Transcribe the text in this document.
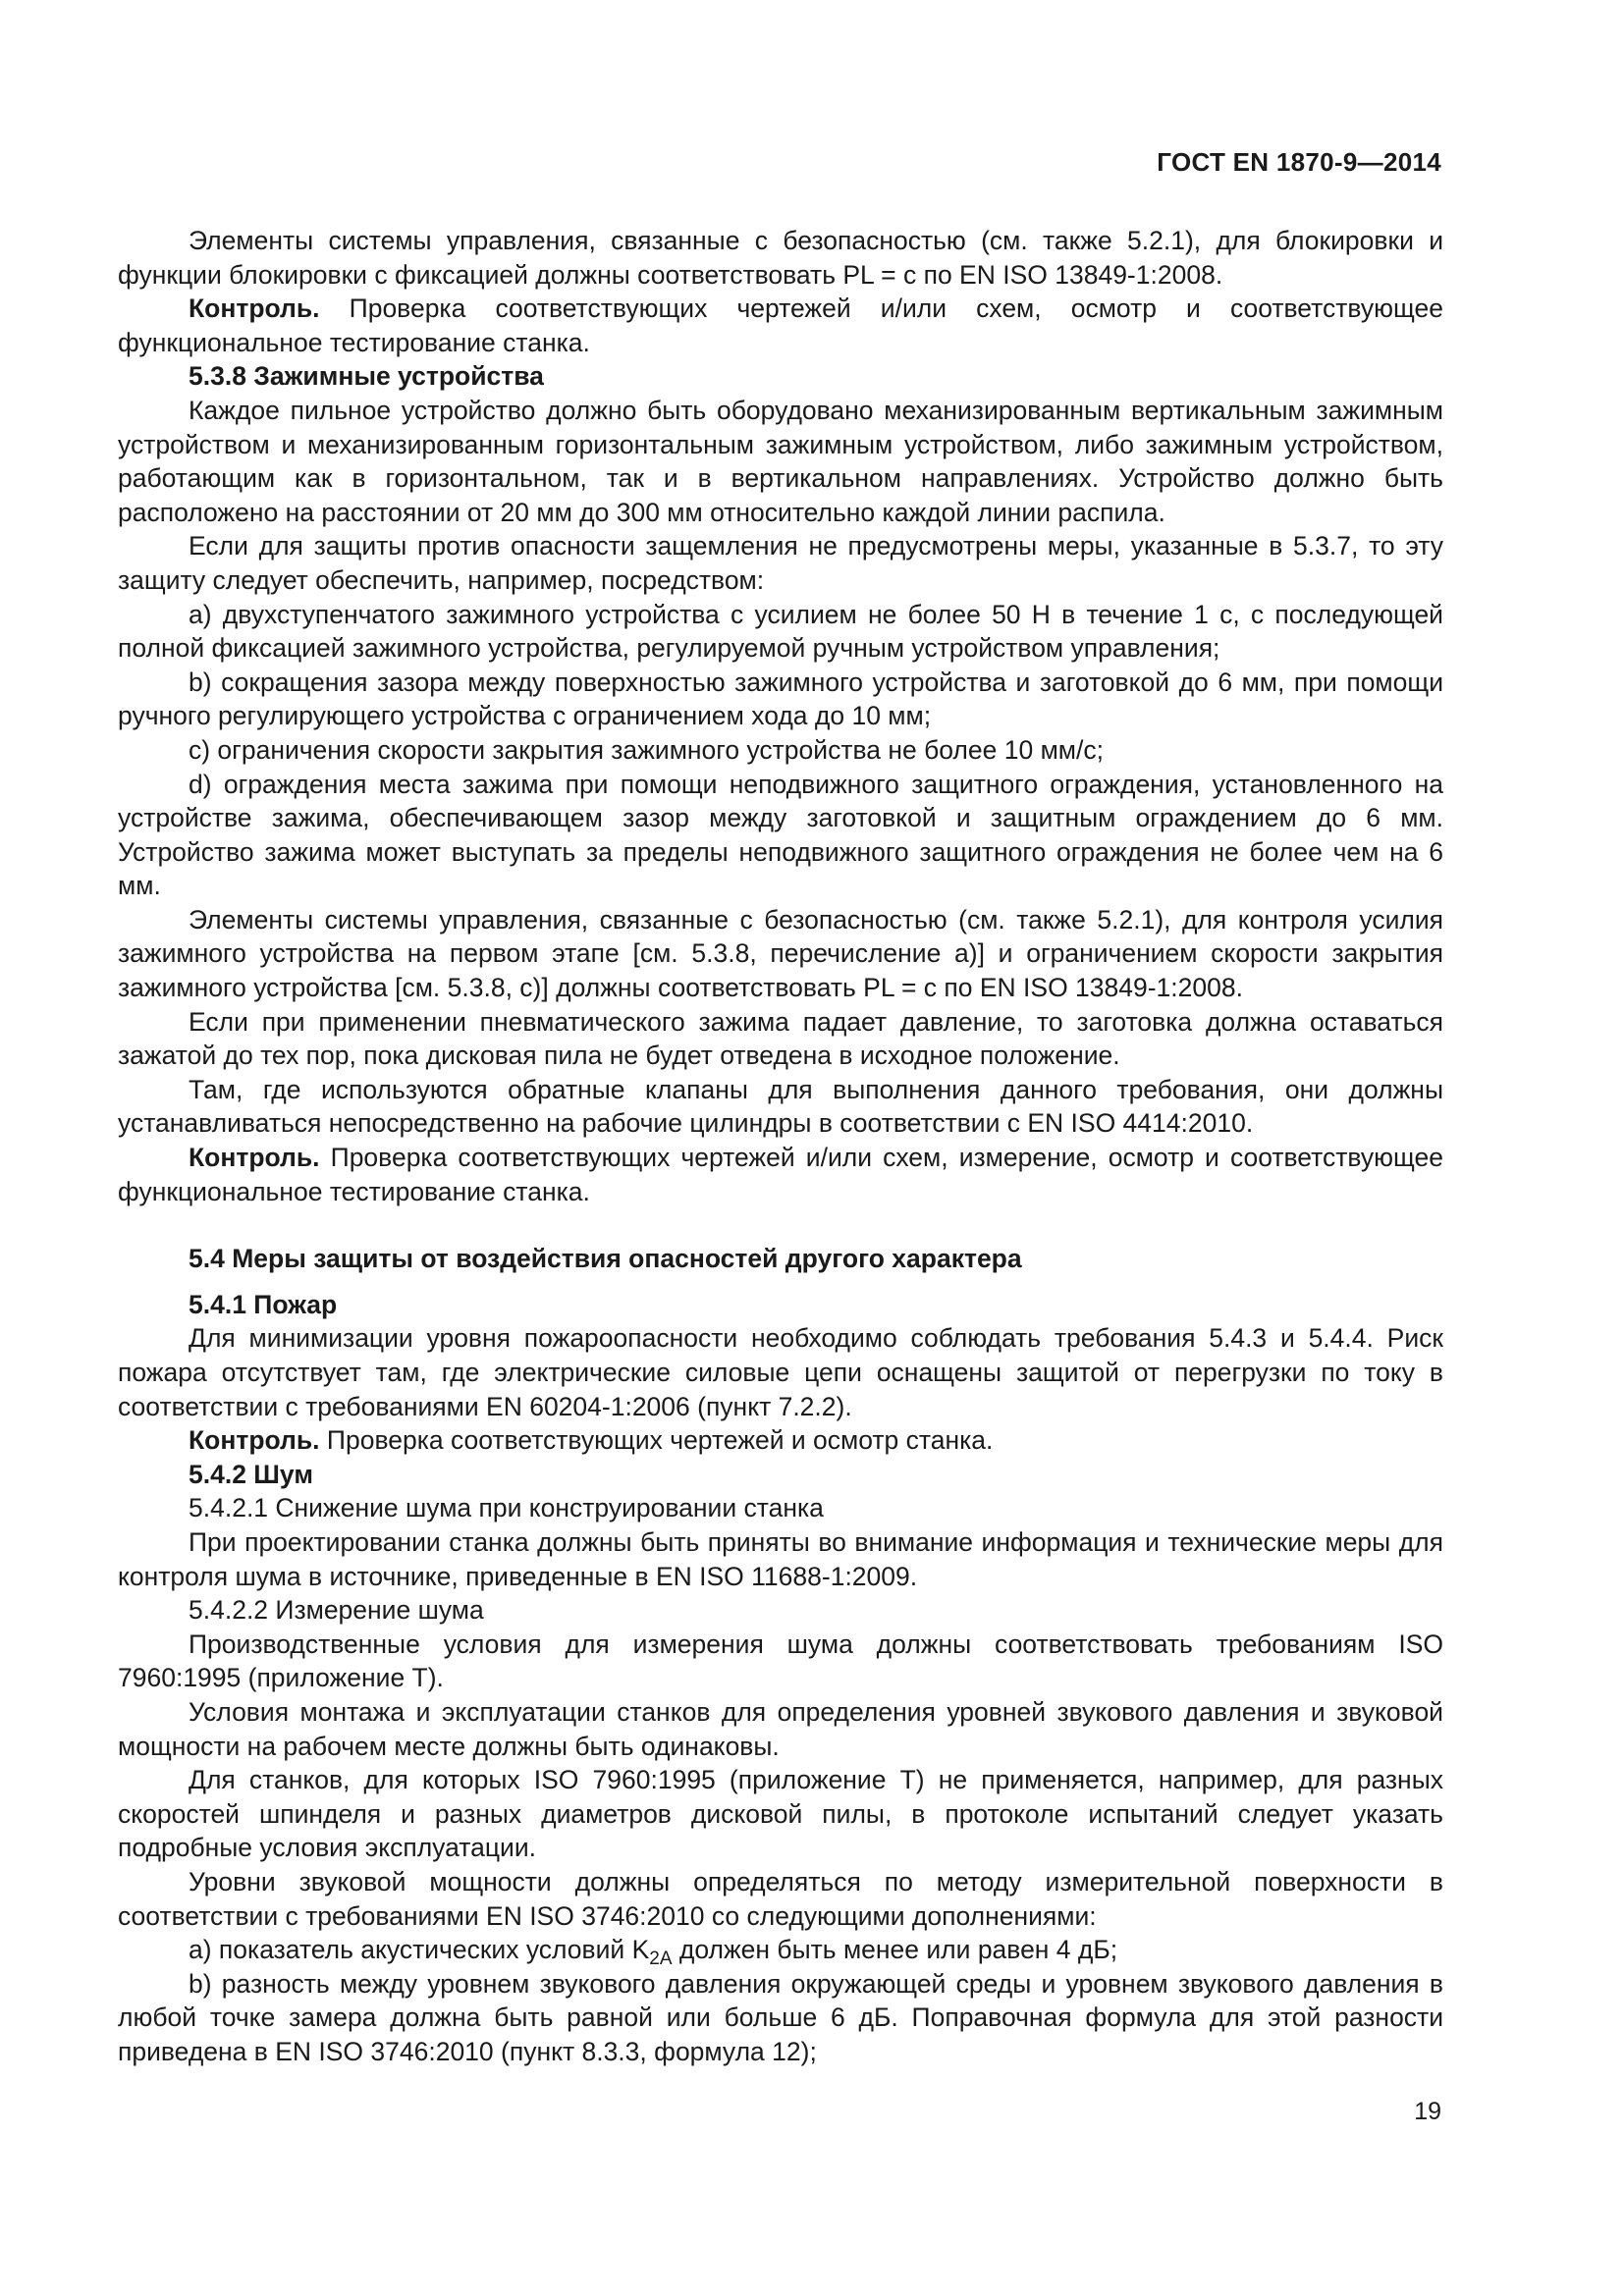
ГОСТ EN 1870-9—2014

Элементы системы управления, связанные с безопасностью (см. также 5.2.1), для блокировки и функции блокировки с фиксацией должны соответствовать PL = c по EN ISO 13849-1:2008.

Контроль. Проверка соответствующих чертежей и/или схем, осмотр и соответствующее функциональное тестирование станка.

5.3.8 Зажимные устройства

Каждое пильное устройство должно быть оборудовано механизированным вертикальным зажимным устройством и механизированным горизонтальным зажимным устройством, либо зажимным устройством, работающим как в горизонтальном, так и в вертикальном направлениях. Устройство должно быть расположено на расстоянии от 20 мм до 300 мм относительно каждой линии распила.

Если для защиты против опасности защемления не предусмотрены меры, указанные в 5.3.7, то эту защиту следует обеспечить, например, посредством:

a) двухступенчатого зажимного устройства с усилием не более 50 Н в течение 1 с, с последующей полной фиксацией зажимного устройства, регулируемой ручным устройством управления;

b) сокращения зазора между поверхностью зажимного устройства и заготовкой до 6 мм, при помощи ручного регулирующего устройства с ограничением хода до 10 мм;

c) ограничения скорости закрытия зажимного устройства не более 10 мм/с;

d) ограждения места зажима при помощи неподвижного защитного ограждения, установленного на устройстве зажима, обеспечивающем зазор между заготовкой и защитным ограждением до 6 мм. Устройство зажима может выступать за пределы неподвижного защитного ограждения не более чем на 6 мм.

Элементы системы управления, связанные с безопасностью (см. также 5.2.1), для контроля усилия зажимного устройства на первом этапе [см. 5.3.8, перечисление a)] и ограничением скорости закрытия зажимного устройства [см. 5.3.8, c)] должны соответствовать PL = c по EN ISO 13849-1:2008.

Если при применении пневматического зажима падает давление, то заготовка должна оставаться зажатой до тех пор, пока дисковая пила не будет отведена в исходное положение.

Там, где используются обратные клапаны для выполнения данного требования, они должны устанавливаться непосредственно на рабочие цилиндры в соответствии с EN ISO 4414:2010.

Контроль. Проверка соответствующих чертежей и/или схем, измерение, осмотр и соответствующее функциональное тестирование станка.

5.4 Меры защиты от воздействия опасностей другого характера

5.4.1 Пожар

Для минимизации уровня пожароопасности необходимо соблюдать требования 5.4.3 и 5.4.4. Риск пожара отсутствует там, где электрические силовые цепи оснащены защитой от перегрузки по току в соответствии с требованиями EN 60204-1:2006 (пункт 7.2.2).

Контроль. Проверка соответствующих чертежей и осмотр станка.

5.4.2 Шум

5.4.2.1 Снижение шума при конструировании станка

При проектировании станка должны быть приняты во внимание информация и технические меры для контроля шума в источнике, приведенные в EN ISO 11688-1:2009.

5.4.2.2 Измерение шума

Производственные условия для измерения шума должны соответствовать требованиям ISO 7960:1995 (приложение Т).

Условия монтажа и эксплуатации станков для определения уровней звукового давления и звуковой мощности на рабочем месте должны быть одинаковы.

Для станков, для которых ISO 7960:1995 (приложение Т) не применяется, например, для разных скоростей шпинделя и разных диаметров дисковой пилы, в протоколе испытаний следует указать подробные условия эксплуатации.

Уровни звуковой мощности должны определяться по методу измерительной поверхности в соответствии с требованиями EN ISO 3746:2010 со следующими дополнениями:

a) показатель акустических условий $K_{2A}$ должен быть менее или равен 4 дБ;

b) разность между уровнем звукового давления окружающей среды и уровнем звукового давления в любой точке замера должна быть равной или больше 6 дБ. Поправочная формула для этой разности приведена в EN ISO 3746:2010 (пункт 8.3.3, формула 12);

19
